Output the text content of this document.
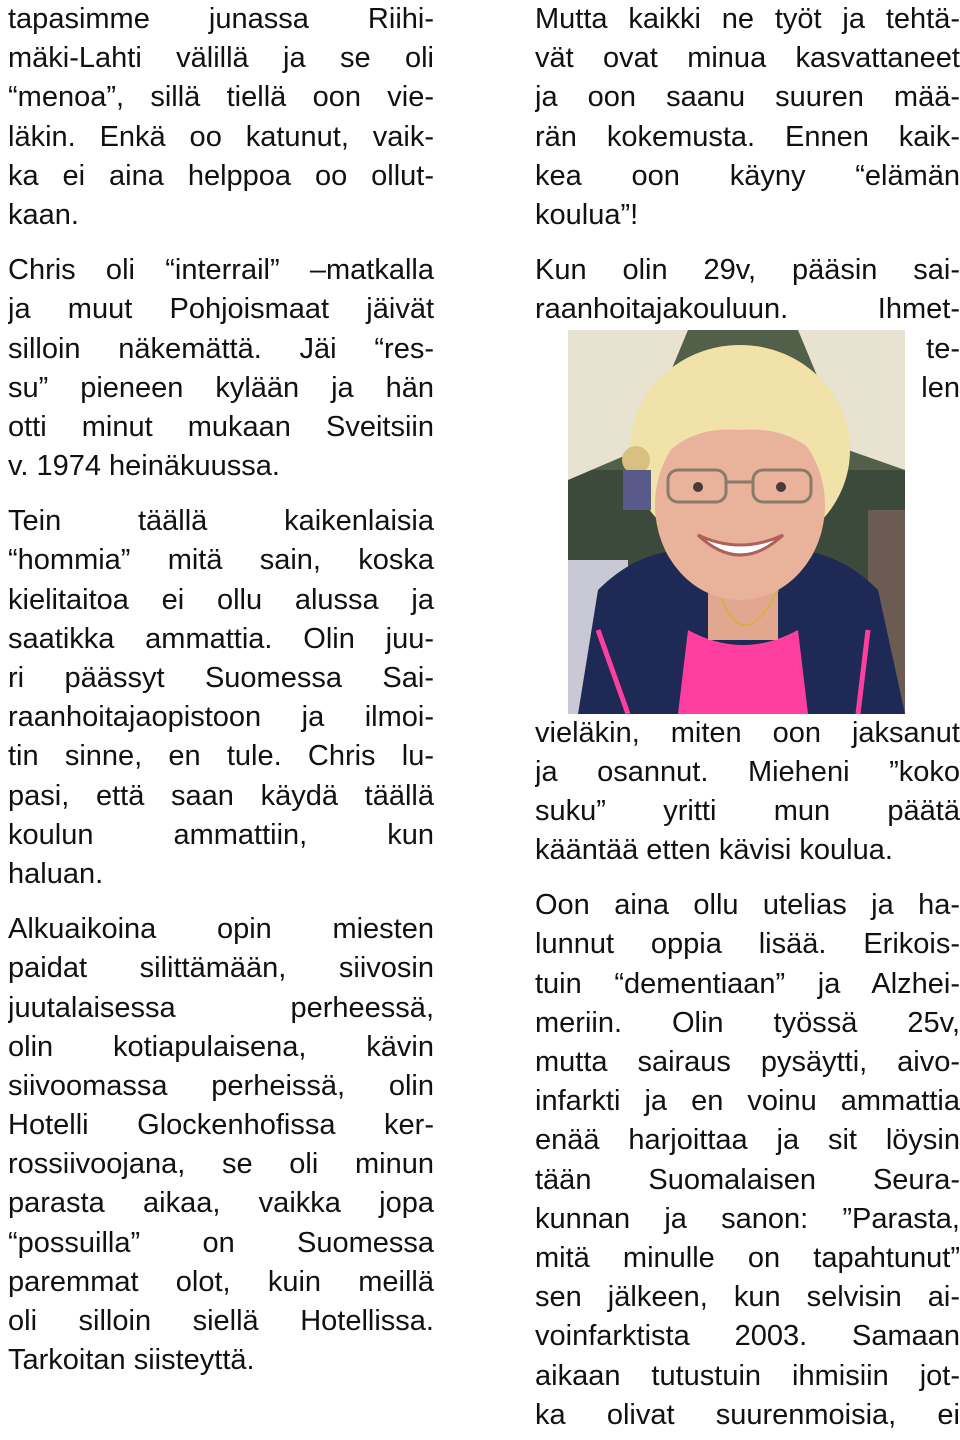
tapasimme junassa Riihi-
mäki-Lahti välillä ja se oli
“menoa”, sillä tiellä oon vie-
läkin. Enkä oo katunut, vaik-
ka ei aina helppoa oo ollut-
kaan.
Chris oli “interrail” –matkalla
ja muut Pohjoismaat jäivät
silloin näkemättä. Jäi “res-
su” pieneen kylään ja hän
otti minut mukaan Sveitsiin
v. 1974 heinäkuussa.
Tein täällä kaikenlaisia
“hommia” mitä sain, koska
kielitaitoa ei ollu alussa ja
saatikka ammattia. Olin juu-
ri päässyt Suomessa Sai-
raanhoitajaopistoon ja ilmoi-
tin sinne, en tule. Chris lu-
pasi, että saan käydä täällä
koulun ammattiin, kun
haluan.
Alkuaikoina opin miesten
paidat silittämään, siivosin
juutalaisessa perheessä,
olin kotiapulaisena, kävin
siivoomassa perheissä, olin
Hotelli Glockenhofissa ker-
rossiivoojana, se oli minun
parasta aikaa, vaikka jopa
“possuilla” on Suomessa
paremmat olot, kuin meillä
oli silloin siellä Hotellissa.
Tarkoitan siisteyttä.
Mutta kaikki ne työt ja tehtä-
vät ovat minua kasvattaneet
ja oon saanu suuren mää-
rän kokemusta. Ennen kaik-
kea oon käyny “elämän
koulua”!
Kun olin 29v, pääsin sai-
raanhoitajakouluun. Ihmet-
te-
len
vieläkin, miten oon jaksanut
ja osannut. Mieheni ”koko
suku” yritti mun päätä
kääntää etten kävisi koulua.
Oon aina ollu utelias ja ha-
lunnut oppia lisää. Erikois-
tuin “dementiaan” ja Alzhei-
meriin. Olin työssä 25v,
mutta sairaus pysäytti, aivo-
infarkti ja en voinu ammattia
enää harjoittaa ja sit löysin
tään Suomalaisen Seura-
kunnan ja sanon: ”Parasta,
mitä minulle on tapahtunut”
sen jälkeen, kun selvisin ai-
voinfarktista 2003. Samaan
aikaan tutustuin ihmisiin jot-
ka olivat suurenmoisia, ei
